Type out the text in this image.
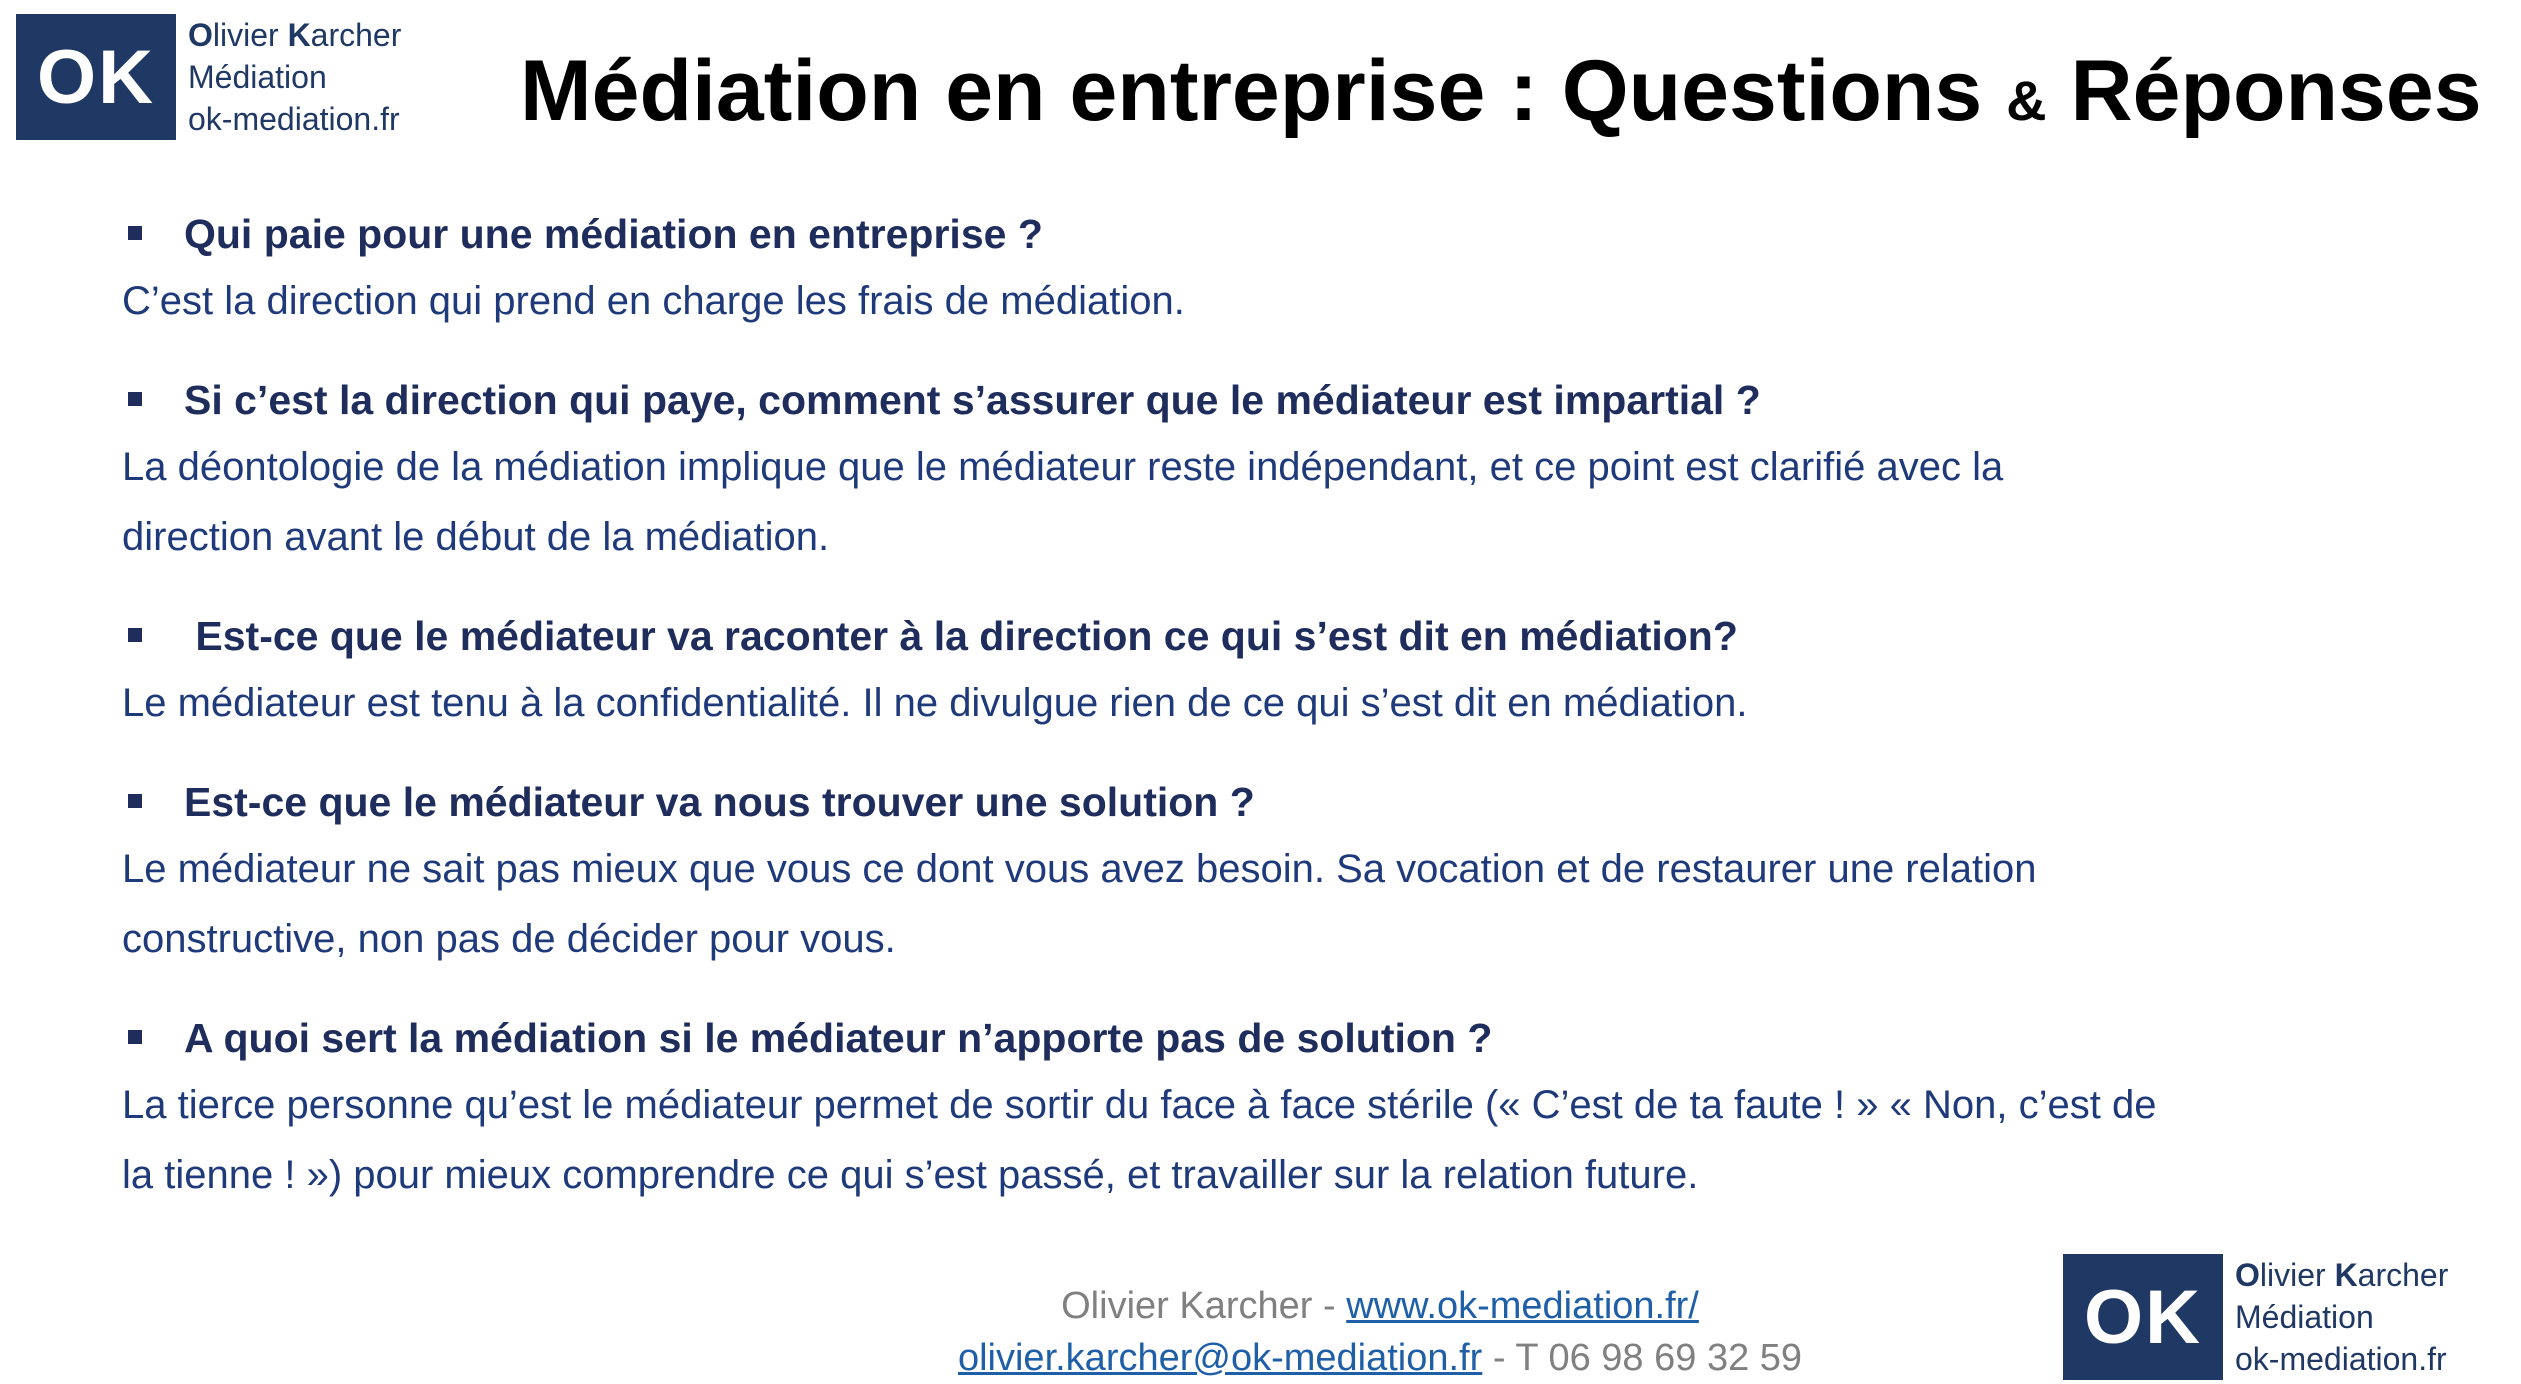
OK	Olivier Karcher
Médiation
ok-mediation.fr Médiation en entreprise : Questions & Réponses
Qui paie pour une médiation en entreprise ?
C’est la direction qui prend en charge les frais de médiation.
Si c’est la direction qui paye, comment s’assurer que le médiateur est impartial ?
La déontologie de la médiation implique que le médiateur reste indépendant, et ce point est clarifié avec la
direction avant le début de la médiation.
Est-ce que le médiateur va raconter à la direction ce qui s’est dit en médiation?
Le médiateur est tenu à la confidentialité. Il ne divulgue rien de ce qui s’est dit en médiation.
Est-ce que le médiateur va nous trouver une solution ?
Le médiateur ne sait pas mieux que vous ce dont vous avez besoin. Sa vocation et de restaurer une relation
constructive, non pas de décider pour vous.
A quoi sert la médiation si le médiateur n’apporte pas de solution ?
La tierce personne qu’est le médiateur permet de sortir du face à face stérile (« C’est de ta faute ! » « Non, c’est de
la tienne ! ») pour mieux comprendre ce qui s’est passé, et travailler sur la relation future.
Olivier Karcher - www.ok-mediation.fr/
olivier.karcher@ok-mediation.fr - T 06 98 69 32 59	OK	Olivier Karcher
Médiation
ok-mediation.fr
